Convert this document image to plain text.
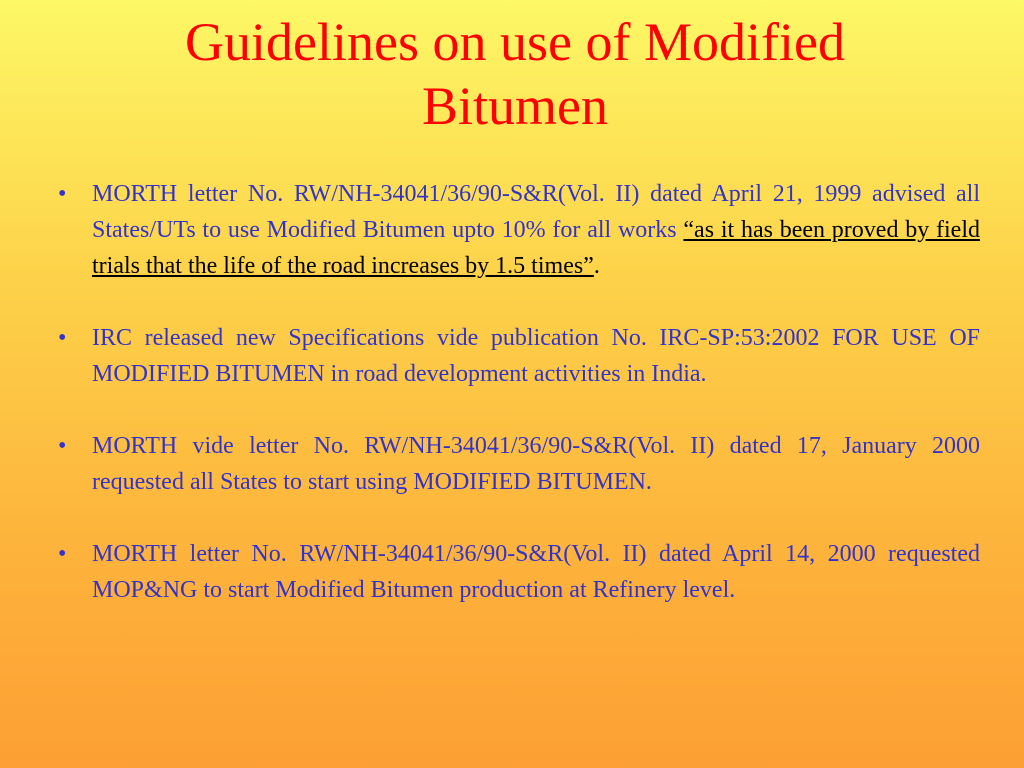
Guidelines on use of Modified Bitumen
• MORTH letter No. RW/NH-34041/36/90-S&R(Vol. II) dated April 21, 1999 advised all States/UTs to use Modified Bitumen upto 10% for all works “as it has been proved by field trials that the life of the road increases by 1.5 times”.
• IRC released new Specifications vide publication No. IRC-SP:53:2002 FOR USE OF MODIFIED BITUMEN in road development activities in India.
• MORTH vide letter No. RW/NH-34041/36/90-S&R(Vol. II) dated 17, January 2000 requested all States to start using MODIFIED BITUMEN.
• MORTH letter No. RW/NH-34041/36/90-S&R(Vol. II) dated April 14, 2000 requested MOP&NG to start Modified Bitumen production at Refinery level.
